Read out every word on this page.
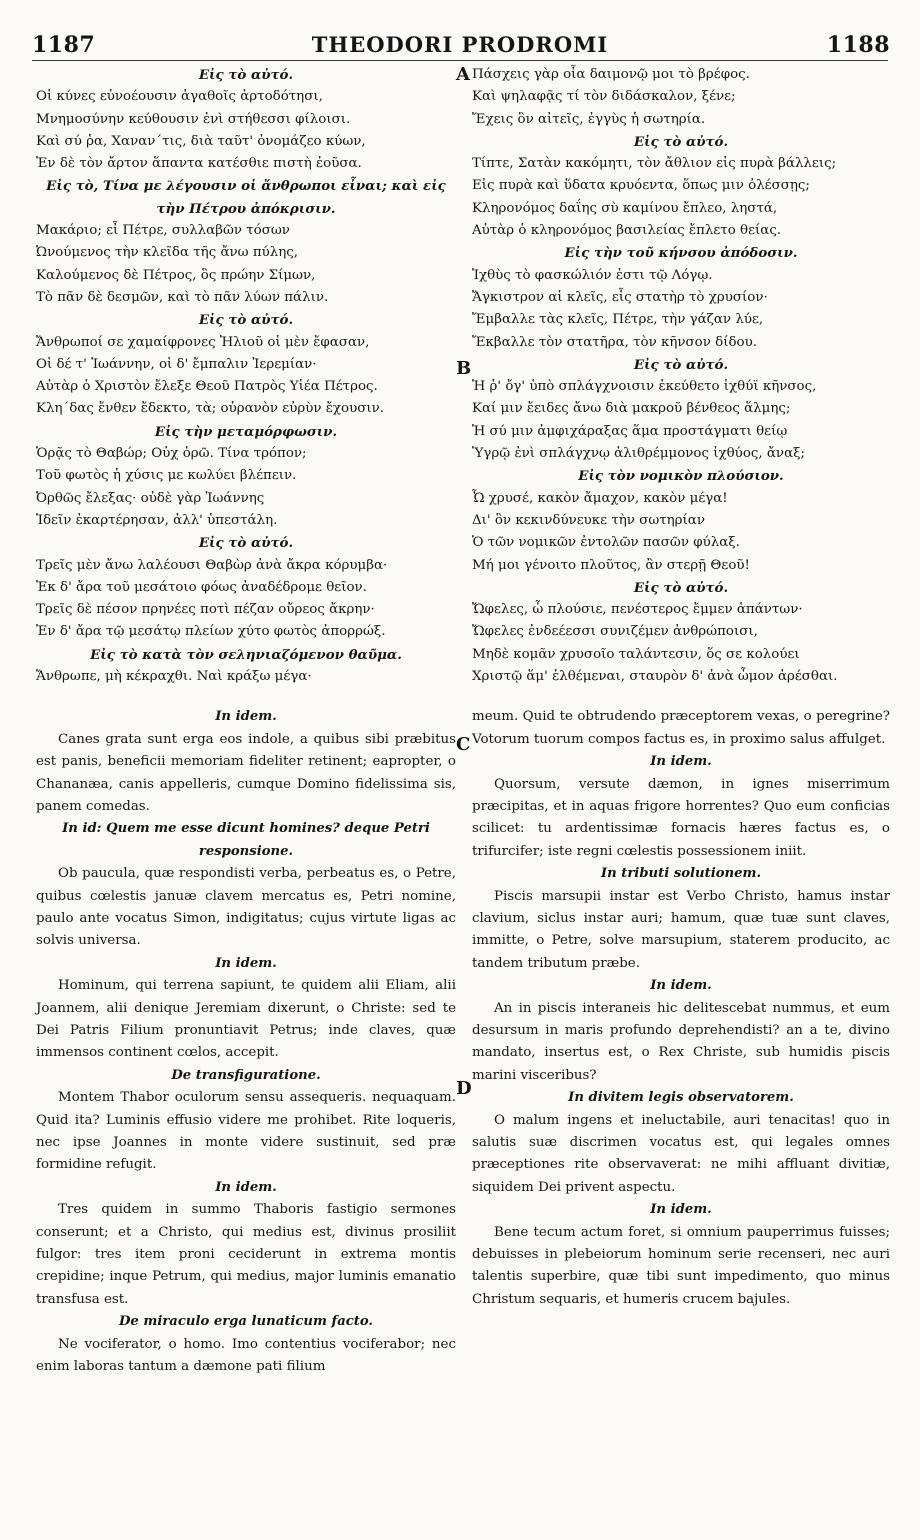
1187	THEODORI PRODROMI	1188
A
B
C
D
Εἰς τὸ αὐτό.
Οἱ κύνες εὐνοέουσιν ἀγαθοῖς ἀρτοδότησι,
Μνημοσύνην κεύθουσιν ἐνὶ στήθεσσι φίλοισι.
Καὶ σύ ῥα, Χαναν΄τις, διὰ ταῦτ' ὀνομάζεο κύων,
Ἐν δὲ τὸν ἄρτον ἅπαντα κατέσθιε πιστὴ ἐοῦσα.
Εἰς τὸ, Τίνα με λέγουσιν οἱ ἄνθρωποι εἶναι; καὶ εἰς τὴν Πέτρου ἀπόκρισιν.
Μακάριο; εἶ Πέτρε, συλλαβῶν τόσων
Ὠνούμενος τὴν κλεῖδα τῆς ἄνω πύλης,
Καλούμενος δὲ Πέτρος, ὃς πρώην Σίμων,
Τὸ πᾶν δὲ δεσμῶν, καὶ τὸ πᾶν λύων πάλιν.
Εἰς τὸ αὐτό.
Ἄνθρωποί σε χαμαίφρονες Ἠλιοῦ οἱ μὲν ἔφασαν,
Οἱ δέ τ' Ἰωάννην, οἱ δ' ἔμπαλιν Ἰερεμίαν·
Αὐτὰρ ὁ Χριστὸν ἔλεξε Θεοῦ Πατρὸς Υἱέα Πέτρος.
Κλη΄δας ἔνθεν ἔδεκτο, τὰ; οὐρανὸν εὐρὺν ἔχουσιν.
Εἰς τὴν μεταμόρφωσιν.
Ὁρᾷς τὸ Θαβώρ; Οὐχ ὁρῶ. Τίνα τρόπον;
Τοῦ φωτὸς ἡ χύσις με κωλύει βλέπειν.
Ὀρθῶς ἔλεξας· οὐδὲ γὰρ Ἰωάννης
Ἰδεῖν ἐκαρτέρησαν, ἀλλ' ὑπεστάλη.
Εἰς τὸ αὐτό.
Τρεῖς μὲν ἄνω λαλέουσι Θαβὼρ ἀνὰ ἄκρα κόρυμβα·
Ἐκ δ' ἄρα τοῦ μεσάτοιο φόως ἀναδέδρομε θεῖον.
Τρεῖς δὲ πέσον πρηνέες ποτὶ πέζαν οὔρεος ἄκρην·
Ἐν δ' ἄρα τῷ μεσάτῳ πλείων χύτο φωτὸς ἀπορρώξ.
Εἰς τὸ κατὰ τὸν σεληνιαζόμενον θαῦμα.
Ἄνθρωπε, μὴ κέκραχθι. Ναὶ κράξω μέγα·
In idem.
Canes grata sunt erga eos indole, a quibus sibi præbitus est panis, beneficii memoriam fideliter retinent; eapropter, o Chananæa, canis appelleris, cumque Domino fidelissima sis, panem comedas.
In id: Quem me esse dicunt homines? deque Petri responsione.
Ob paucula, quæ respondisti verba, perbeatus es, o Petre, quibus cœlestis januæ clavem mercatus es, Petri nomine, paulo ante vocatus Simon, indigitatus; cujus virtute ligas ac solvis universa.
In idem.
Hominum, qui terrena sapiunt, te quidem alii Eliam, alii Joannem, alii denique Jeremiam dixerunt, o Christe: sed te Dei Patris Filium pronuntiavit Petrus; inde claves, quæ immensos continent cœlos, accepit.
De transfiguratione.
Montem Thabor oculorum sensu assequeris. nequaquam. Quid ita? Luminis effusio videre me prohibet. Rite loqueris, nec ipse Joannes in monte videre sustinuit, sed præ formidine refugit.
In idem.
Tres quidem in summo Thaboris fastigio sermones conserunt; et a Christo, qui medius est, divinus prosiliit fulgor: tres item proni ceciderunt in extrema montis crepidine; inque Petrum, qui medius, major luminis emanatio transfusa est.
De miraculo erga lunaticum facto.
Ne vociferator, o homo. Imo contentius vociferabor; nec enim laboras tantum a dæmone pati filium
Πάσχεις γὰρ οἷα δαιμονῷ μοι τὸ βρέφος.
Καὶ ψηλαφᾷς τί τὸν διδάσκαλον, ξένε;
Ἔχεις ὃν αἰτεῖς, ἐγγὺς ἡ σωτηρία.
Εἰς τὸ αὐτό.
Τίπτε, Σατὰν κακόμητι, τὸν ἄθλιον εἰς πυρὰ βάλλεις;
Εἰς πυρὰ καὶ ὕδατα κρυόεντα, ὅπως μιν ὀλέσσῃς;
Κληρονόμος δαΐης σὺ καμίνου ἔπλεο, ληστά,
Αὐτὰρ ὁ κληρονόμος βασιλείας ἔπλετο θείας.
Εἰς τὴν τοῦ κήνσου ἀπόδοσιν.
Ἰχθὺς τὸ φασκώλιόν ἐστι τῷ Λόγῳ.
Ἄγκιστρον αἱ κλεῖς, εἷς στατὴρ τὸ χρυσίον·
Ἔμβαλλε τὰς κλεῖς, Πέτρε, τὴν γάζαν λύε,
Ἔκβαλλε τὸν στατῆρα, τὸν κῆνσον δίδου.
Εἰς τὸ αὐτό.
Ἡ ῥ' ὄγ' ὑπὸ σπλάγχνοισιν ἐκεύθετο ἰχθύϊ κῆνσος,
Καί μιν ἔειδες ἄνω διὰ μακροῦ βένθεος ἅλμης;
Ἡ σύ μιν ἀμφιχάραξας ἅμα προστάγματι θείῳ
Ὑγρῷ ἐνὶ σπλάγχνῳ ἁλιθρέμμονος ἰχθύος, ἄναξ;
Εἰς τὸν νομικὸν πλούσιον.
Ὦ χρυσέ, κακὸν ἄμαχον, κακὸν μέγα!
Δι' ὃν κεκινδύνευκε τὴν σωτηρίαν
Ὁ τῶν νομικῶν ἐντολῶν πασῶν φύλαξ.
Μή μοι γένοιτο πλοῦτος, ἂν στερῇ Θεοῦ!
Εἰς τὸ αὐτό.
Ὤφελες, ὦ πλούσιε, πενέστερος ἔμμεν ἁπάντων·
Ὤφελες ἐνδεέεσσι συνιζέμεν ἀνθρώποισι,
Μηδὲ κομᾶν χρυσοῖο ταλάντεσιν, ὅς σε κολούει
Χριστῷ ἅμ' ἑλθέμεναι, σταυρὸν δ' ἀνὰ ὦμον ἀρέσθαι.
meum. Quid te obtrudendo præceptorem vexas, o peregrine? Votorum tuorum compos factus es, in proximo salus affulget.
In idem.
Quorsum, versute dæmon, in ignes miserrimum præcipitas, et in aquas frigore horrentes? Quo eum conficias scilicet: tu ardentissimæ fornacis hæres factus es, o trifurcifer; iste regni cœlestis possessionem iniit.
In tributi solutionem.
Piscis marsupii instar est Verbo Christo, hamus instar clavium, siclus instar auri; hamum, quæ tuæ sunt claves, immitte, o Petre, solve marsupium, staterem producito, ac tandem tributum præbe.
In idem.
An in piscis interaneis hic delitescebat nummus, et eum desursum in maris profundo deprehendisti? an a te, divino mandato, insertus est, o Rex Christe, sub humidis piscis marini visceribus?
In divitem legis observatorem.
O malum ingens et ineluctabile, auri tenacitas! quo in salutis suæ discrimen vocatus est, qui legales omnes præceptiones rite observaverat: ne mihi affluant divitiæ, siquidem Dei privent aspectu.
In idem.
Bene tecum actum foret, si omnium pauperrimus fuisses; debuisses in plebeiorum hominum serie recenseri, nec auri talentis superbire, quæ tibi sunt impedimento, quo minus Christum sequaris, et humeris crucem bajules.
